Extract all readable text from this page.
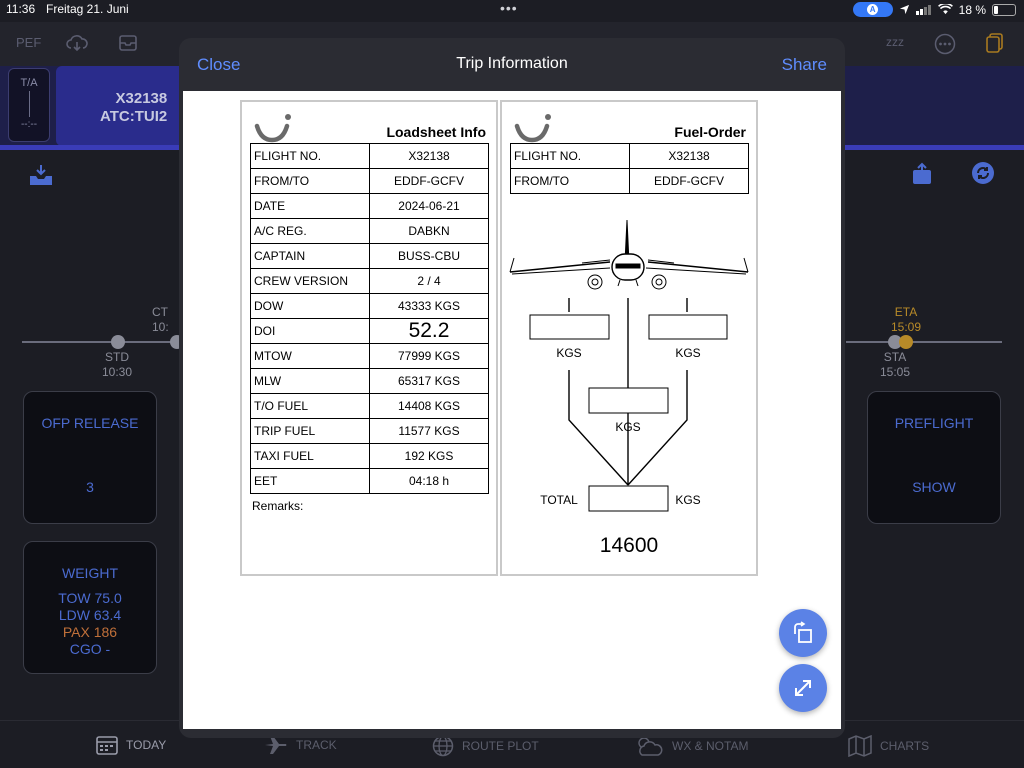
11:36 Freitag 21. Juni	•••	A	18 %
PEF	zzz
T/A
--:--
X32138
ATC:TUI2
STD
10:30
CT
10:
ETA
15:09
STA
15:05
OFP RELEASE
3
PREFLIGHT
SHOW
WEIGHT
TOW 75.0
LDW 63.4
PAX 186
CGO -
TODAY	TRACK	ROUTE PLOT	WX & NOTAM	CHARTS
Close	Trip Information	Share
Loadsheet Info
FLIGHT NO.	X32138
FROM/TO	EDDF-GCFV
DATE	2024-06-21
A/C REG.	DABKN
CAPTAIN	BUSS-CBU
CREW VERSION	2 / 4
DOW	43333 KGS
DOI	52.2
MTOW	77999 KGS
MLW	65317 KGS
T/O FUEL	14408 KGS
TRIP FUEL	11577 KGS
TAXI FUEL	192 KGS
EET	04:18 h
Remarks:
Fuel-Order
FLIGHT NO.	X32138
FROM/TO	EDDF-GCFV
KGS	KGS
KGS
TOTAL	KGS
14600
